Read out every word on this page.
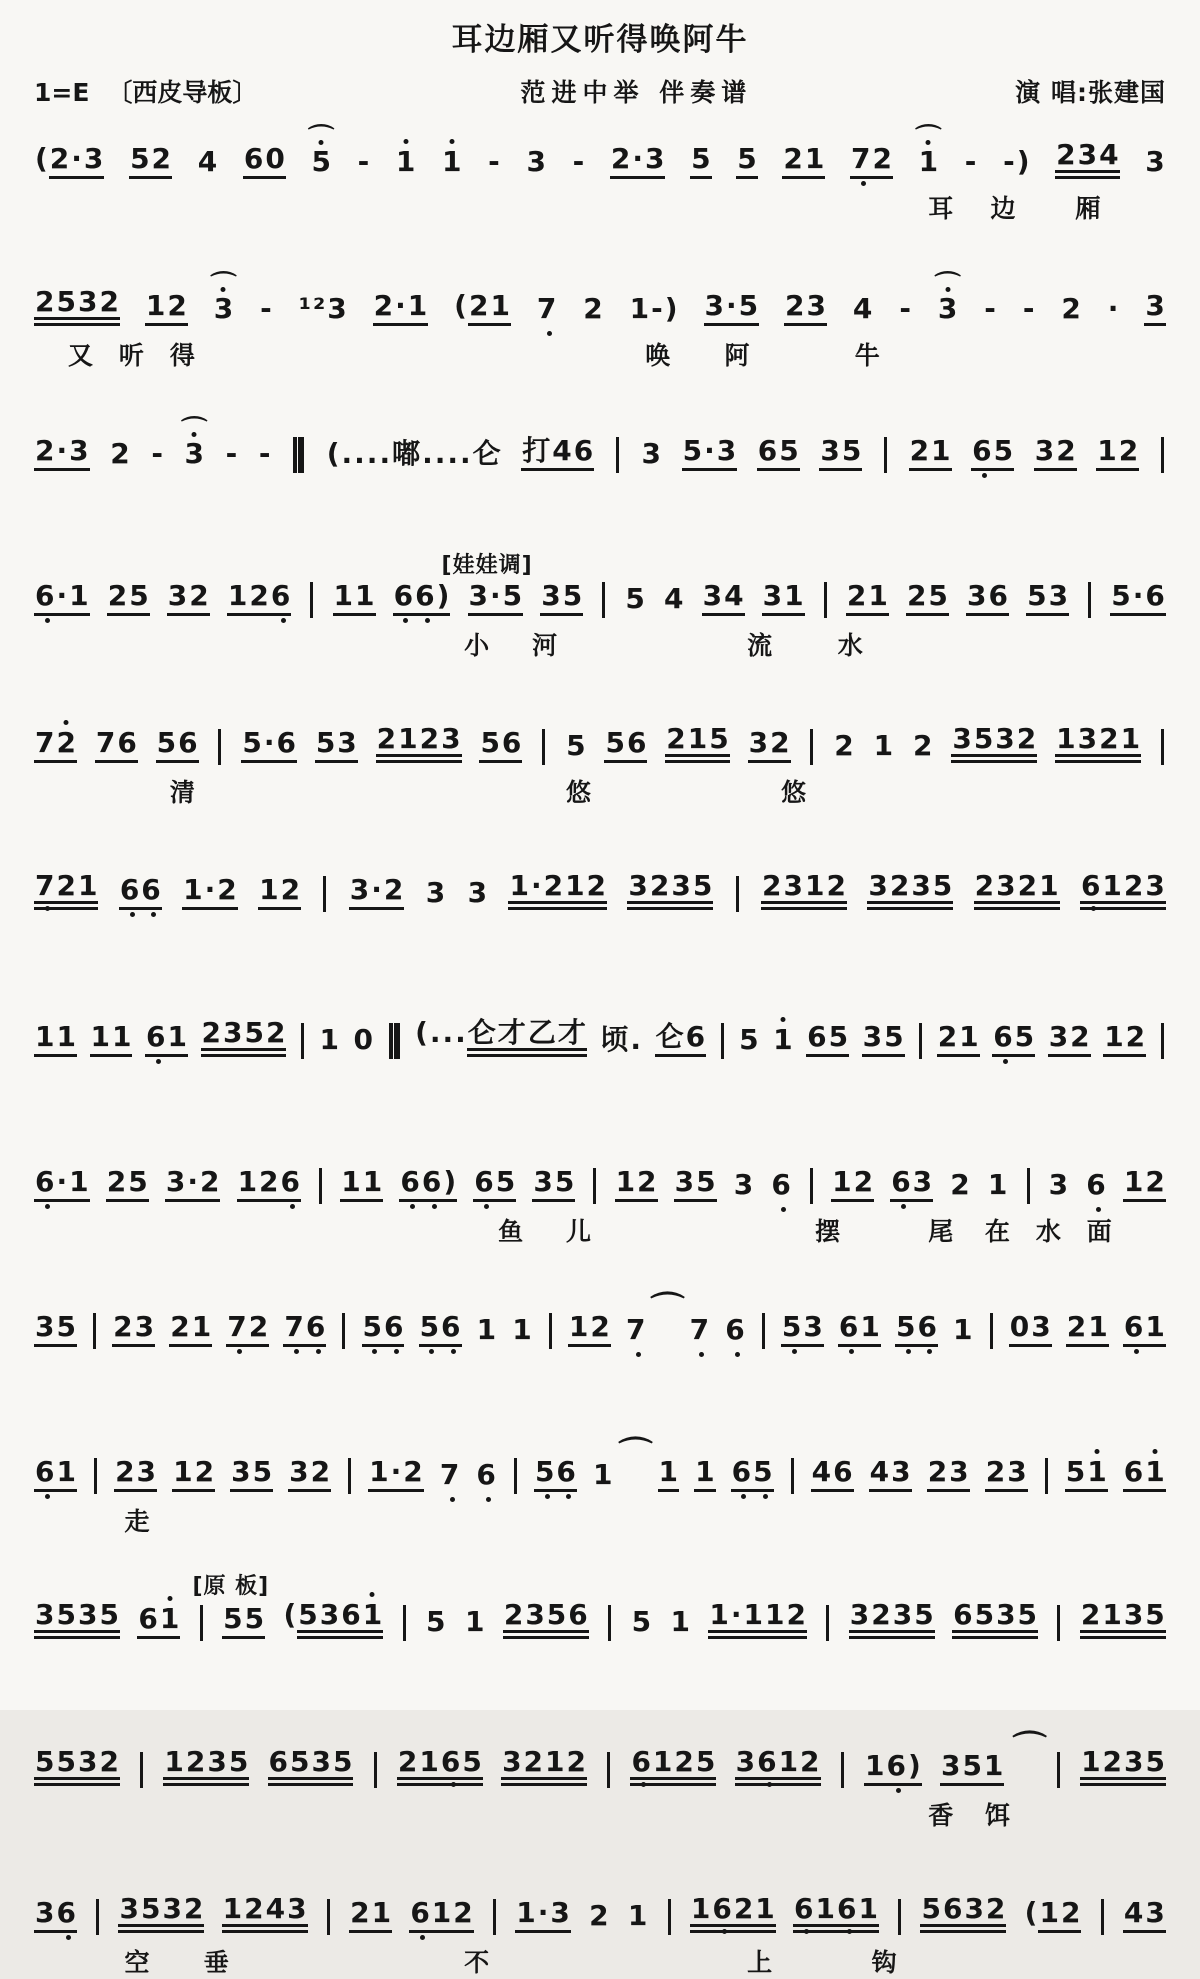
耳边厢又听得唤阿牛
1=E 〔西皮导板〕	范进中举 伴奏谱	演 唱:张建国
(2·3 52 4 60 ⌒ 5 - 1 1 - 3 - 2·3 5 5 21 72 ⌒ 1 - -) 234 3
耳 边 厢
2532 12 ⌒ 3 - ¹²3 2·1 (21 7 2 1-) 3·5 23 4 - ⌒ 3 - - 2 · 3
又 听 得	唤 阿	牛
2·3 2 - ⌒ 3 - - (....嘟....仑 打46 3 5·3 65 35 21 65 32 12
[娃娃调]
6·1 25 32 126 11 66) 3·5 35 5 4 34 31 21 25 36 53 5·6
小 河	流	水
72 76 56 5·6 53 2123 56 5 56 215 32 2 1 2 3532 1321
清	悠	悠
721 66 1·2 12 3·2 3 3 1·212 3235 2312 3235 2321 6123
11 11 61 2352 1 0 (...仑才乙才 顷. 仑6 5 1 65 35 21 65 32 12
6·1 25 3·2 126 11 66) 65 35 12 35 3 6 12 63 2 1 3 6 12
鱼 儿	摆	尾 在 水 面
35 23 21 72 76 56 56 1 1 12 7 ⌒ 7 6 53 61 56 1 03 21 61
61 23 12 35 32 1·2 7 6 56 1 ⌒ 1 1 65 46 43 23 23 51 61
走
[原 板]
3535 61 55 (5361 5 1 2356 5 1 1·112 3235 6535 2135
5532 1235 6535 2165 3212 6125 3612 16) 351 ⌒ 1235
香 饵
36 3532 1243 21 612 1·3 2 1 1621 6161 5632 (12 43
空 垂	不	上	钩
